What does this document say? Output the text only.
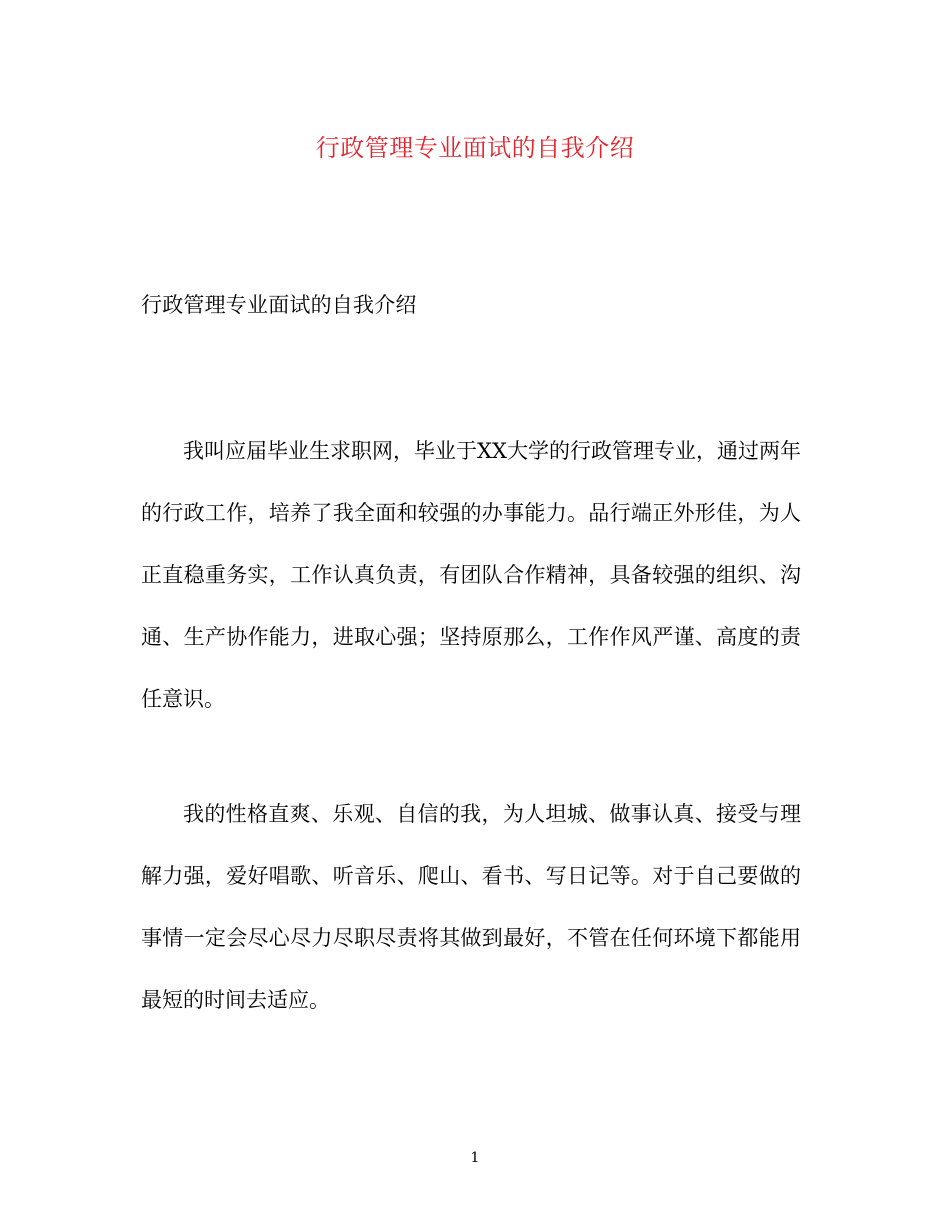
行政管理专业面试的自我介绍
行政管理专业面试的自我介绍

我叫应届毕业生求职网，毕业于XX大学的行政管理专业，通过两年的行政工作，培养了我全面和较强的办事能力。品行端正外形佳，为人正直稳重务实，工作认真负责，有团队合作精神，具备较强的组织、沟通、生产协作能力，进取心强；坚持原那么，工作作风严谨、高度的责任意识。

我的性格直爽、乐观、自信的我，为人坦城、做事认真、接受与理解力强，爱好唱歌、听音乐、爬山、看书、写日记等。对于自己要做的事情一定会尽心尽力尽职尽责将其做到最好，不管在任何环境下都能用最短的时间去适应。

1
